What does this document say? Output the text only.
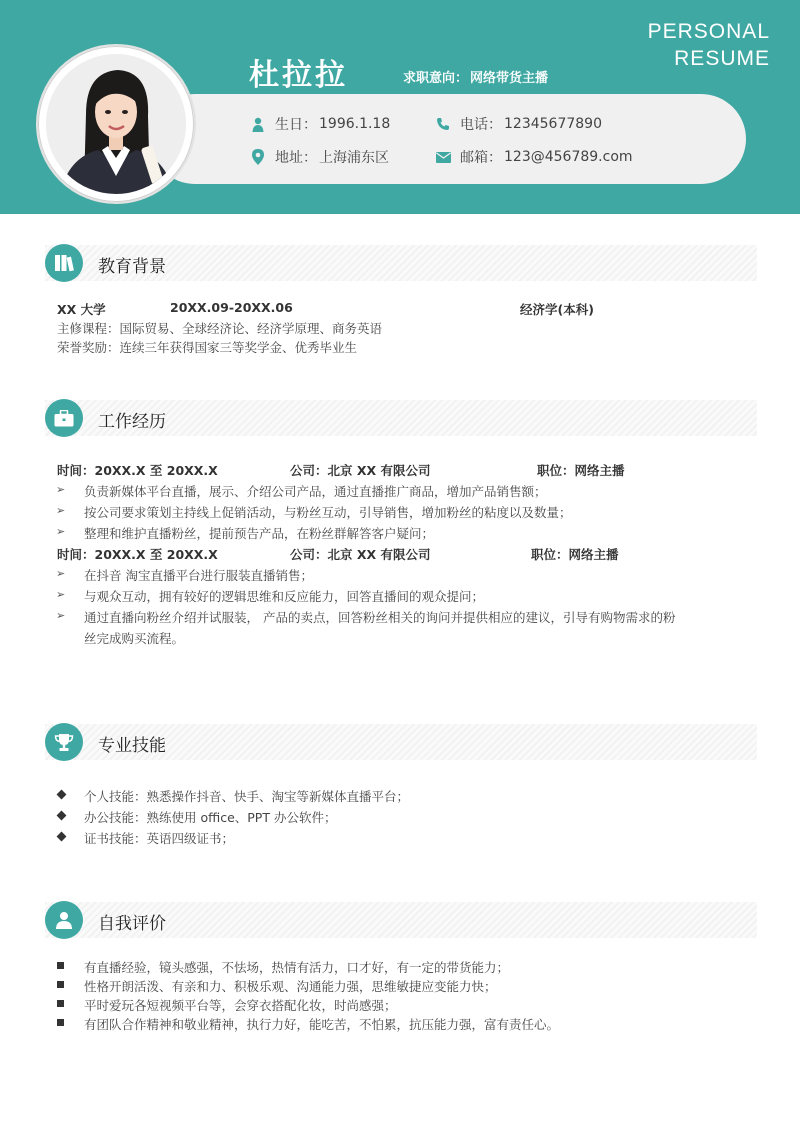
PERSONAL
RESUME
杜拉拉	求职意向： 网络带货主播
生日： 1996.1.18	电话： 12345677890
地址： 上海浦东区	邮箱： 123@456789.com
教育背景
XX 大学	20XX.09-20XX.06	经济学(本科)
主修课程：国际贸易、全球经济论、经济学原理、商务英语
荣誉奖励：连续三年获得国家三等奖学金、优秀毕业生
工作经历
时间：20XX.X 至 20XX.X	公司：北京 XX 有限公司	职位：网络主播
➢ 负责新媒体平台直播，展示、介绍公司产品，通过直播推广商品，增加产品销售额；
➢ 按公司要求策划主持线上促销活动，与粉丝互动，引导销售，增加粉丝的粘度以及数量；
➢ 整理和维护直播粉丝，提前预告产品，在粉丝群解答客户疑问；
时间：20XX.X 至 20XX.X	公司：北京 XX 有限公司	职位：网络主播
➢ 在抖音 淘宝直播平台进行服装直播销售；
➢ 与观众互动，拥有较好的逻辑思维和反应能力，回答直播间的观众提问；
➢ 通过直播向粉丝介绍并试服装， 产品的卖点，回答粉丝相关的询问并提供相应的建议，引导有购物需求的粉
丝完成购买流程。
专业技能
个人技能：熟悉操作抖音、快手、淘宝等新媒体直播平台；
办公技能：熟练使用 office、PPT 办公软件；
证书技能：英语四级证书；
自我评价
有直播经验，镜头感强，不怯场，热情有活力，口才好，有一定的带货能力；
性格开朗活泼、有亲和力、积极乐观、沟通能力强，思维敏捷应变能力快；
平时爱玩各短视频平台等，会穿衣搭配化妆，时尚感强；
有团队合作精神和敬业精神，执行力好，能吃苦，不怕累，抗压能力强，富有责任心。
